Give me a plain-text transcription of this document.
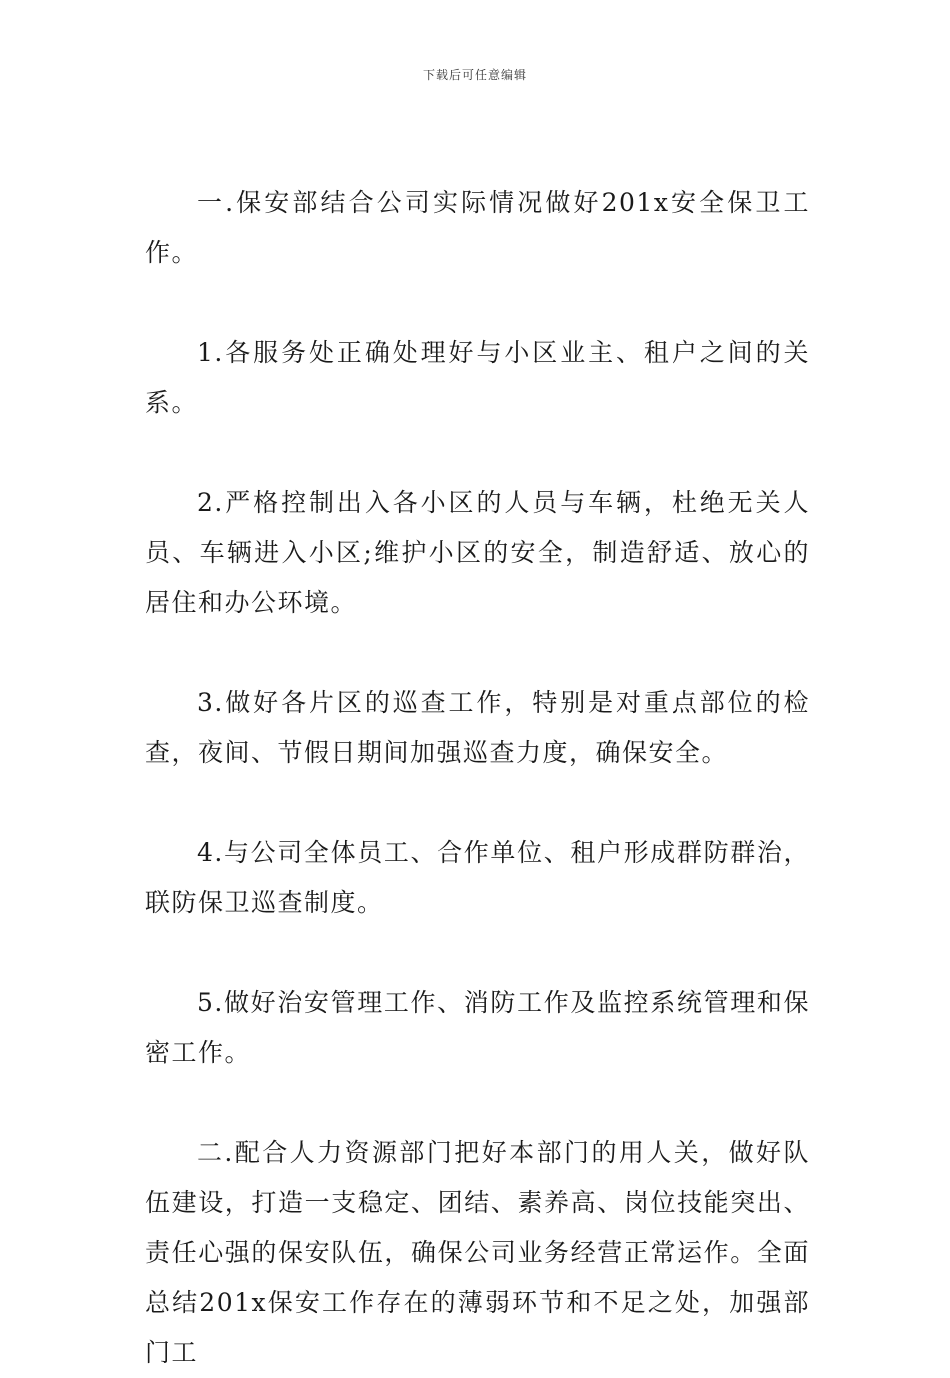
下载后可任意编辑

一.保安部结合公司实际情况做好201x安全保卫工作。

1.各服务处正确处理好与小区业主、租户之间的关系。

2.严格控制出入各小区的人员与车辆，杜绝无关人员、车辆进入小区;维护小区的安全，制造舒适、放心的居住和办公环境。

3.做好各片区的巡查工作，特别是对重点部位的检查，夜间、节假日期间加强巡查力度，确保安全。

4.与公司全体员工、合作单位、租户形成群防群治，联防保卫巡查制度。

5.做好治安管理工作、消防工作及监控系统管理和保密工作。

二.配合人力资源部门把好本部门的用人关，做好队伍建设，打造一支稳定、团结、素养高、岗位技能突出、责任心强的保安队伍，确保公司业务经营正常运作。全面总结201x保安工作存在的薄弱环节和不足之处，加强部门工
